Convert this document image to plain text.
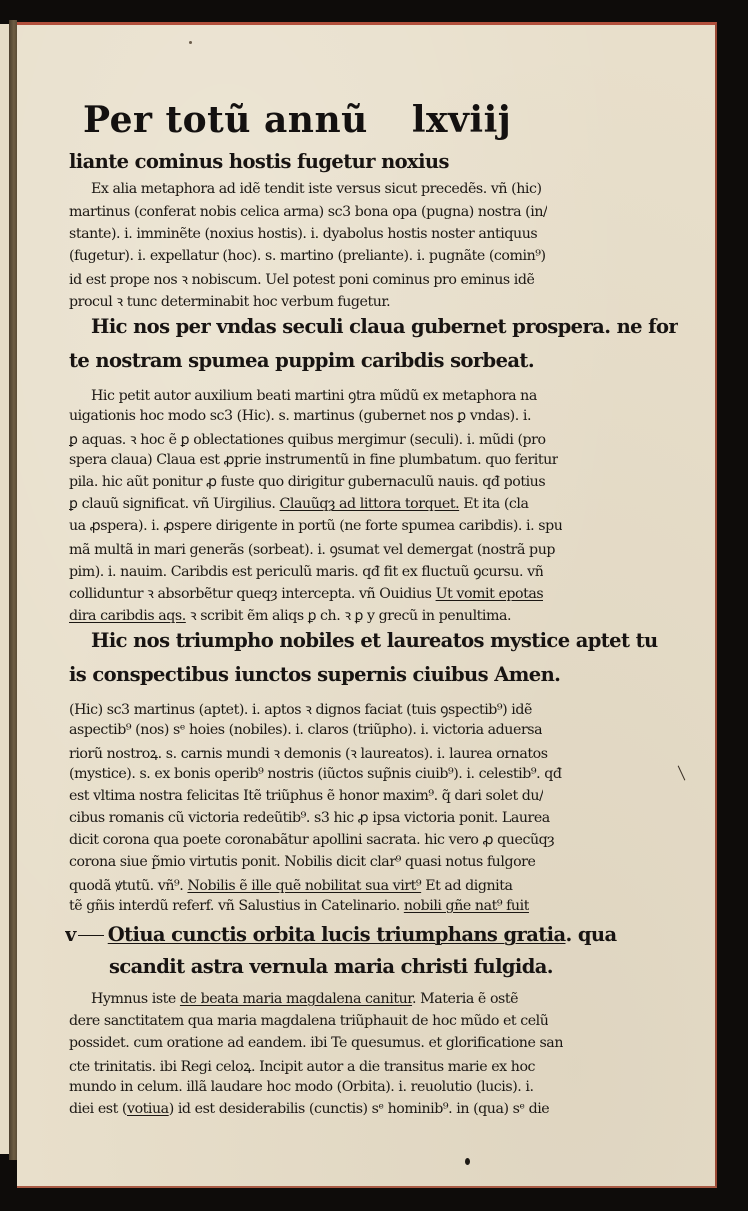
Per totũ annũ lxviij
liante cominus hostis fugetur noxius
Ex alia metaphora ad idẽ tendit iste versus sicut precedẽs. vñ (hic)
martinus (conferat nobis celica arma) sc3 bona opa (pugna) nostra (in/
stante). i. imminẽte (noxius hostis). i. dyabolus hostis noster antiquus
(fugetur). i. expellatur (hoc). s. martino (preliante). i. pugnãte (comin⁹)
id est prope nos ꝛ nobiscum. Uel potest poni cominus pro eminus idẽ
procul ꝛ tunc determinabit hoc verbum fugetur.
Hic nos per vndas seculi claua gubernet prospera. ne for
te nostram spumea puppim caribdis sorbeat.
Hic petit autor auxilium beati martini ꝯtra mũdũ ex metaphora na
uigationis hoc modo sc3 (Hic). s. martinus (gubernet nos ꝑ vndas). i.
ꝑ aquas. ꝛ hoc ẽ ꝑ oblectationes quibus mergimur (seculi). i. mũdi (pro
spera claua) Claua est ꝓprie instrumentũ in fine plumbatum. quo feritur
pila. hic aũt ponitur ꝓ fuste quo dirigitur gubernaculũ nauis. qđ potius
ꝑ clauũ significat. vñ Uirgilius. Clauũqȝ ad littora torquet. Et ita (cla
ua ꝓspera). i. ꝓspere dirigente in portũ (ne forte spumea caribdis). i. spu
mã multã in mari generãs (sorbeat). i. ꝯsumat vel demergat (nostrã pup
pim). i. nauim. Caribdis est periculũ maris. qđ fit ex fluctuũ ꝯcursu. vñ
colliduntur ꝛ absorbẽtur queqȝ intercepta. vñ Ouidius Ut vomit epotas
dira caribdis aqs. ꝛ scribit ẽm aliqs ꝑ ch. ꝛ ꝑ y grecũ in penultima.
Hic nos triumpho nobiles et laureatos mystice aptet tu
is conspectibus iunctos supernis ciuibus Amen.
(Hic) sc3 martinus (aptet). i. aptos ꝛ dignos faciat (tuis ꝯspectib⁹) idẽ
aspectib⁹ (nos) sᵉ hoies (nobiles). i. claros (triũpho). i. victoria aduersa
riorũ nostroꝝ. s. carnis mundi ꝛ demonis (ꝛ laureatos). i. laurea ornatos
(mystice). s. ex bonis operib⁹ nostris (iũctos sup̃nis ciuib⁹). i. celestib⁹. qđ
est vltima nostra felicitas Itẽ triũphus ẽ honor maxim⁹. q̃ dari solet du/
cibus romanis cũ victoria redeũtib⁹. s3 hic ꝓ ipsa victoria ponit. Laurea
dicit corona qua poete coronabãtur apollini sacrata. hic vero ꝓ quecũqȝ
corona siue p̃mio virtutis ponit. Nobilis dicit clar⁹ quasi notus fulgore
quodã ꝟtutũ. vñ⁹. Nobilis ẽ ille quẽ nobilitat sua virt⁹ Et ad dignita
tẽ gñis interdũ referf. vñ Salustius in Catelinario. nobili gñe nat⁹ fuit
v Otiua cunctis orbita lucis triumphans gratia. qua
scandit astra vernula maria christi fulgida.
Hymnus iste de beata maria magdalena canitur. Materia ẽ ostẽ
dere sanctitatem qua maria magdalena triũphauit de hoc mũdo et celũ
possidet. cum oratione ad eandem. ibi Te quesumus. et glorificatione san
cte trinitatis. ibi Regi celoꝝ. Incipit autor a die transitus marie ex hoc
mundo in celum. illã laudare hoc modo (Orbita). i. reuolutio (lucis). i.
diei est (votiua) id est desiderabilis (cunctis) sᵉ hominib⁹. in (qua) sᵉ die
